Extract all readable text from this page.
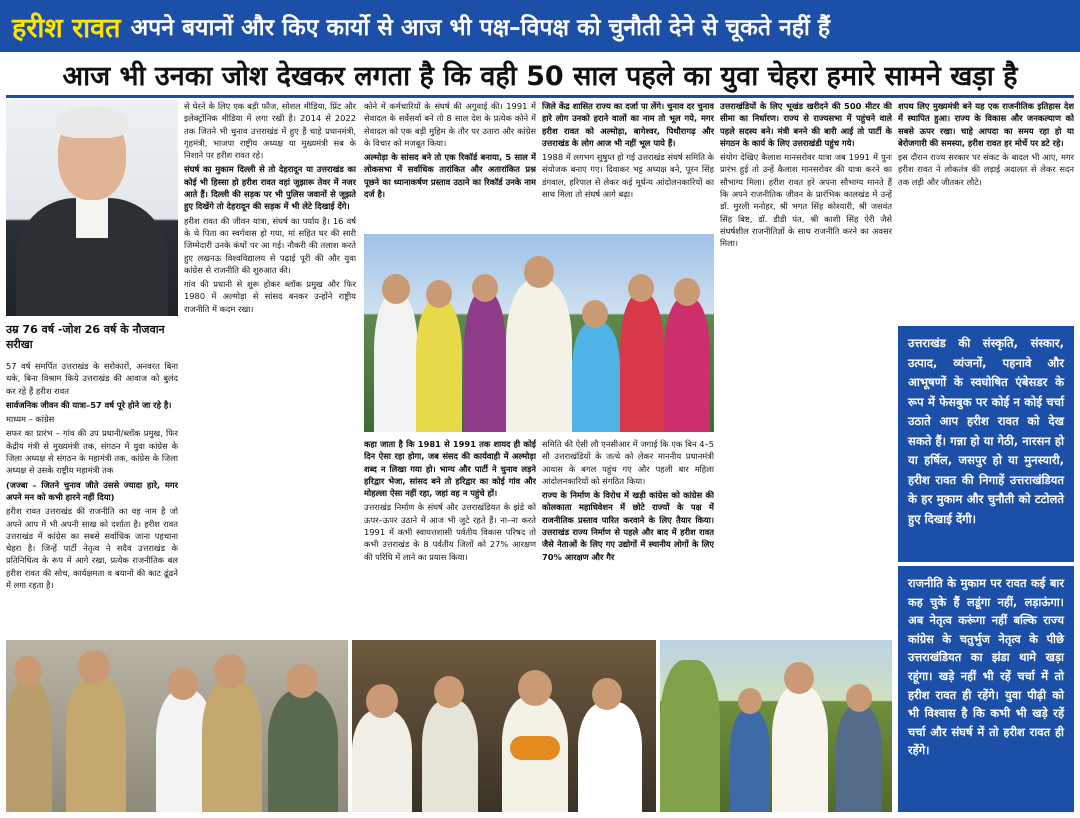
हरीश रावत अपने बयानों और किए कार्यो से आज भी पक्ष–विपक्ष को चुनौती देने से चूकते नहीं हैं
आज भी उनका जोश देखकर लगता है कि वही 50 साल पहले का युवा चेहरा हमारे सामने खड़ा है
उम्र 76 वर्ष -जोश 26 वर्ष के नौजवान सरीखा

57 वर्ष समर्पित उत्तराखंड के सरोकारों, अनवरत बिना थके, बिना विश्राम किये उत्तराखंड की आवाज को बुलंद कर रहे हैं हरीश रावत

सार्वजनिक जीवन की यात्रा–57 वर्ष पूरे होने जा रहे है।

माध्यम – कांग्रेस

सफर का प्रारंभ – गांव की उप प्रधानी/ब्लॉक प्रमुख, फिर केंद्रीय मंत्री से मुख्यमंत्री तक, संगठन में युवा कांग्रेस के जिला अध्यक्ष से संगठन के महामंत्री तक, कांग्रेस के जिला अध्यक्ष से उसके राष्ट्रीय महामंत्री तक

(जज्बा – जितने चुनाव जीते उससे ज्यादा हारे, मगर अपने मन को कभी हारने नहीं दिया)

हरीश रावत उत्तराखंड की राजनीति का वह नाम है जो अपने आप में भी अपनी साख को दर्शाता है। हरीश रावत उत्तराखंड में कांग्रेस का सबसे सर्वाधिक जाना पहचाना चेहरा है। जिन्हें पार्टी नेतृत्व ने सदैव उत्तराखंड के प्रतिनिधित्व के रूप में आगे रखा, प्रत्येक राजनीतिक बल हरीश रावत की सोच, कार्यक्षमता व बयानों की काट ढूंढने में लगा रहता है।

से घेरने के लिए एक बड़ी फौज, सोशल मीडिया, प्रिंट और इलेक्ट्रॉनिक मीडिया में लगा रखी है। 2014 से 2022 तक जितने भी चुनाव उत्तराखंड में हुए हैं चाहे प्रधानमंत्री, गृहमंत्री, भाजपा राष्ट्रीय अध्यक्ष या मुख्यमंत्री सब के निशाने पर हरीश रावत रहे।

संघर्ष का मुकाम दिल्ली से तो देहरादून या उत्तराखंड का कोई भी हिस्सा हो हरीश रावत वहां जुझारू तेवर में नजर आते हैं। दिल्ली की सड़क पर भी पुलिस जवानों से जूझते हुए दिखेंगे तो देहरादून की सड़क में भी लेटे दिखाई देंगे।

हरीश रावत की जीवन यात्रा, संघर्ष का पर्याय है। 16 वर्ष के थे पिता का स्वर्गवास हो गया, मां सहित घर की सारी जिम्मेदारी उनके कंधों पर आ गई। नौकरी की तलाश करते हुए लखनऊ विश्वविद्यालय से पढ़ाई पूरी की और युवा कांग्रेस से राजनीति की शुरुआत की।

गांव की प्रधानी से शुरू होकर ब्लॉक प्रमुख और फिर 1980 में अल्मोड़ा से सांसद बनकर उन्होंने राष्ट्रीय राजनीति में कदम रखा।

कोने में कर्मचारियों के संघर्ष की अगुवाई की। 1991 में सेवादल के सर्वेसर्वा बने तो 8 साल देश के प्रत्येक कोने में सेवादल को एक बड़ी मुहिम के तौर पर उतारा और कांग्रेस के विचार को मजबूत किया।

अल्मोड़ा के सांसद बने तो एक रिकॉर्ड बनाया, 5 साल में लोकसभा में सर्वाधिक तारांकित और अतारांकित प्रश्न पूछने का ध्यानाकर्षण प्रस्ताव उठाने का रिकॉर्ड उनके नाम दर्ज है।

जिले केंद्र शासित राज्य का दर्जा पा लेंगे। चुनाव दर चुनाव हारे लोग उनको हराने वालों का नाम तो भूल गये, मगर हरीश रावत को अल्मोड़ा, बागेश्वर, पिथौरागढ़ और उत्तराखंड के लोग आज भी नहीं भूल पाये हैं।

1988 में लगभग सुषुप्त हो गई उत्तराखंड संघर्ष समिति के संयोजक बनाए गए। दिवाकर भट्ट अध्यक्ष बने, पूरन सिंह डंगवाल, हरिपाल से लेकर कई मूर्धन्य आंदोलनकारियों का साथ मिला तो संघर्ष आगे बढ़ा।

कहा जाता है कि 1981 से 1991 तक शायद ही कोई दिन ऐसा रहा होगा, जब संसद की कार्यवाही में अल्मोड़ा शब्द न लिखा गया हो। भाग्य और पार्टी ने चुनाव लड़ने हरिद्वार भेजा, सांसद बने तो हरिद्वार का कोई गांव और मोहल्ला ऐसा नहीं रहा, जहां वह न पहुंचे हों।

उत्तराखंड निर्माण के संघर्ष और उत्तराखंडियत के झंडे को ऊपर–ऊपर उठाने में आज भी जुटे रहते हैं। ना–ना करते 1991 में कभी स्वायत्तशासी पर्वतीय विकास परिषद तो कभी उत्तराखंड के 8 पर्वतीय जिलों को 27% आरक्षण की परिधि में लाने का प्रयास किया।

समिति की ऐसी लौ एनसीआर में जगाई कि एक बिन 4–5 सौ उत्तराखंडियों के जत्थे को लेकर माननीय प्रधानमंत्री आवास के बगल पहुंच गए और पहली बार महिला आंदोलनकारियों को संगठित किया।

राज्य के निर्माण के विरोध में खड़ी कांग्रेस को कांग्रेस की कोलकाता महाधिवेशन में छोटे राज्यों के पक्ष में राजनीतिक प्रस्ताव पारित करवाने के लिए तैयार किया। उत्तराखंड राज्य निर्माण से पहले और बाद में हरीश रावत जैसे नेताओं के लिए गए उद्योगों में स्थानीय लोगों के लिए 70% आरक्षण और गैर

उत्तराखंडियों के लिए भूखंड खरीदने की 500 मीटर की सीमा का निर्धारण। राज्य से राज्यसभा में पहुंचने वाले पहले सदस्य बने। मंत्री बनने की बारी आई तो पार्टी के संगठन के कार्य के लिए उत्तराखंडी पहुंच गये।

संयोग देखिए कैलाश मानसरोवर यात्रा जब 1991 में पुनः प्रारंभ हुई तो उन्हें कैलाश मानसरोवर की यात्रा करने का सौभाग्य मिला। हरीश रावत हरे अपना सौभाग्य मानते हैं कि अपने राजनीतिक जीवन के प्रारंभिक कालखंड में उन्हें डॉ. मुरली मनोहर, श्री भगत सिंह कोश्यारी, श्री जसवंत सिंह बिष्ट, डॉ. डीडी पंत, श्री काशी सिंह ऐरी जैसे संघर्षशील राजनीतिज्ञों के साथ राजनीति करने का अवसर मिला।

शपथ लिए मुख्यमंत्री बने यह एक राजनीतिक इतिहास देश में स्थापित हुआ। राज्य के विकास और जनकल्याण को सबसे ऊपर रखा। चाहे आपदा का समय रहा हो या बेरोजगारी की समस्या, हरीश रावत हर मोर्चे पर डटे रहे।

इस दौरान राज्य सरकार पर संकट के बादल भी आए, मगर हरीश रावत ने लोकतंत्र की लड़ाई अदालत से लेकर सदन तक लड़ी और जीतकर लौटे।

उत्तराखंड की संस्कृति, संस्कार, उत्पाद, व्यंजनों, पहनावे और आभूषणों के स्वघोषित एंबेसडर के रूप में फेसबुक पर कोई न कोई चर्चा उठाते आप हरीश रावत को देख सकते हैं। गन्ना हो या गेठी, नारसन हो या हर्षिल, जसपुर हो या मुनस्यारी, हरीश रावत की निगाहें उत्तराखंडियत के हर मुकाम और चुनौती को टटोलते हुए दिखाई देंगी।
राजनीति के मुकाम पर रावत कई बार कह चुके हैं लडूंगा नहीं, लड़ाऊंगा। अब नेतृत्व करूंगा नहीं बल्कि राज्य कांग्रेस के चतुर्भुज नेतृत्व के पीछे उत्तराखंडियत का झंडा थामे खड़ा रहूंगा। खड़े नहीं भी रहें चर्चा में तो हरीश रावत ही रहेंगे। युवा पीढ़ी को भी विश्वास है कि कभी भी खड़े रहें चर्चा और संघर्ष में तो हरीश रावत ही रहेंगे।
